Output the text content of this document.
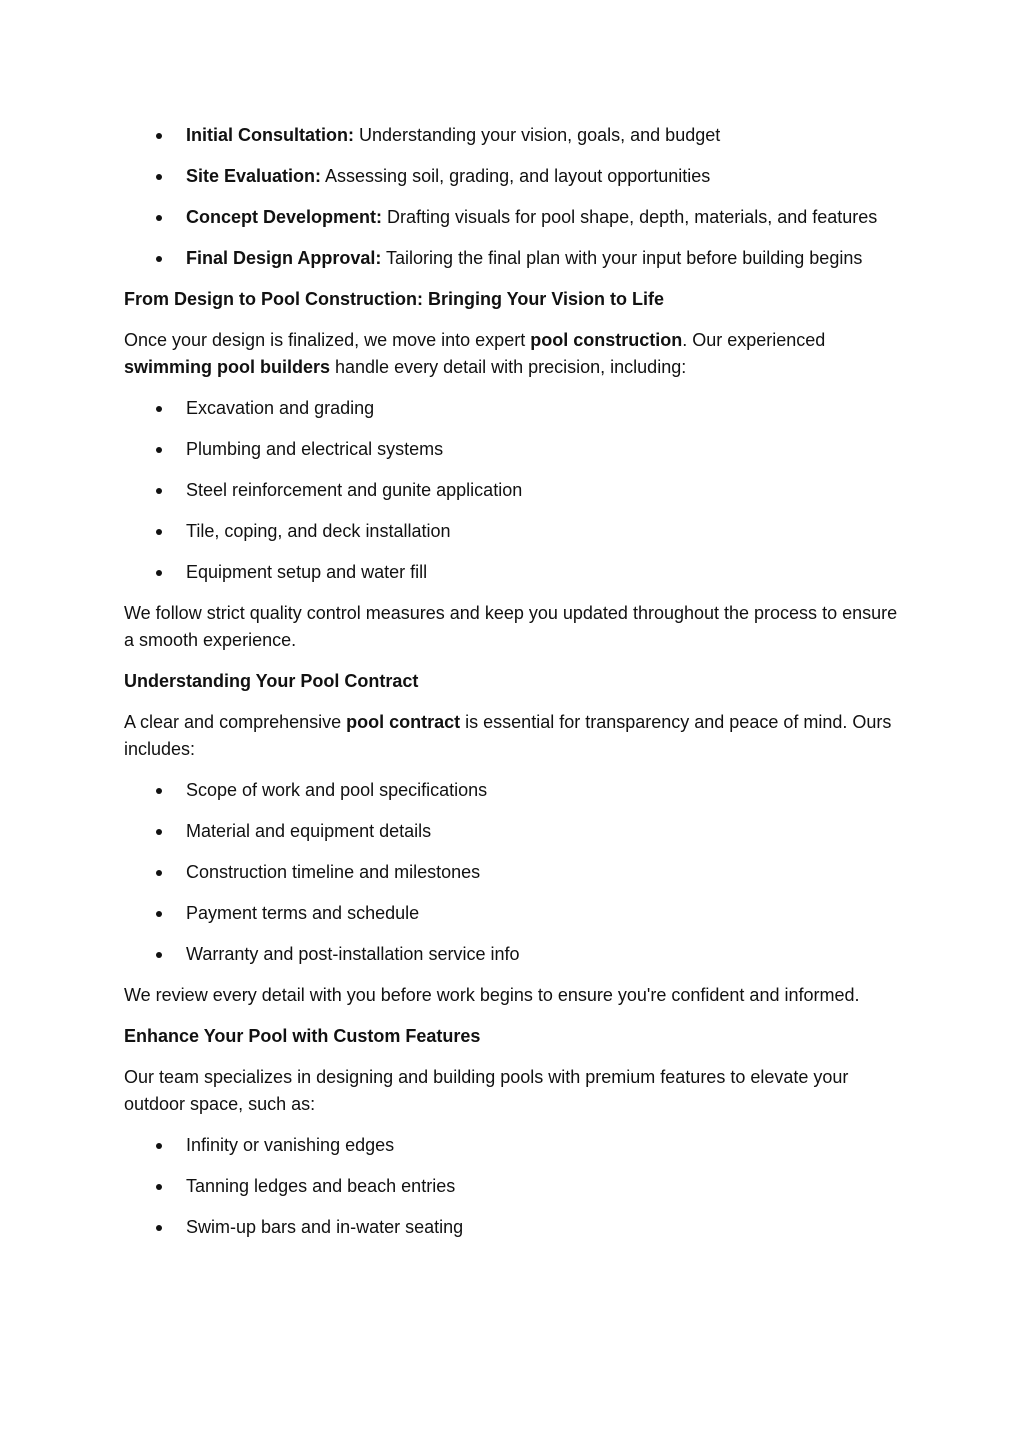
Initial Consultation: Understanding your vision, goals, and budget
Site Evaluation: Assessing soil, grading, and layout opportunities
Concept Development: Drafting visuals for pool shape, depth, materials, and features
Final Design Approval: Tailoring the final plan with your input before building begins

From Design to Pool Construction: Bringing Your Vision to Life

Once your design is finalized, we move into expert pool construction. Our experienced
swimming pool builders handle every detail with precision, including:

Excavation and grading
Plumbing and electrical systems
Steel reinforcement and gunite application
Tile, coping, and deck installation
Equipment setup and water fill

We follow strict quality control measures and keep you updated throughout the process to ensure a smooth experience.

Understanding Your Pool Contract

A clear and comprehensive pool contract is essential for transparency and peace of mind. Ours includes:

Scope of work and pool specifications
Material and equipment details
Construction timeline and milestones
Payment terms and schedule
Warranty and post-installation service info

We review every detail with you before work begins to ensure you're confident and informed.

Enhance Your Pool with Custom Features

Our team specializes in designing and building pools with premium features to elevate your outdoor space, such as:

Infinity or vanishing edges
Tanning ledges and beach entries
Swim-up bars and in-water seating
